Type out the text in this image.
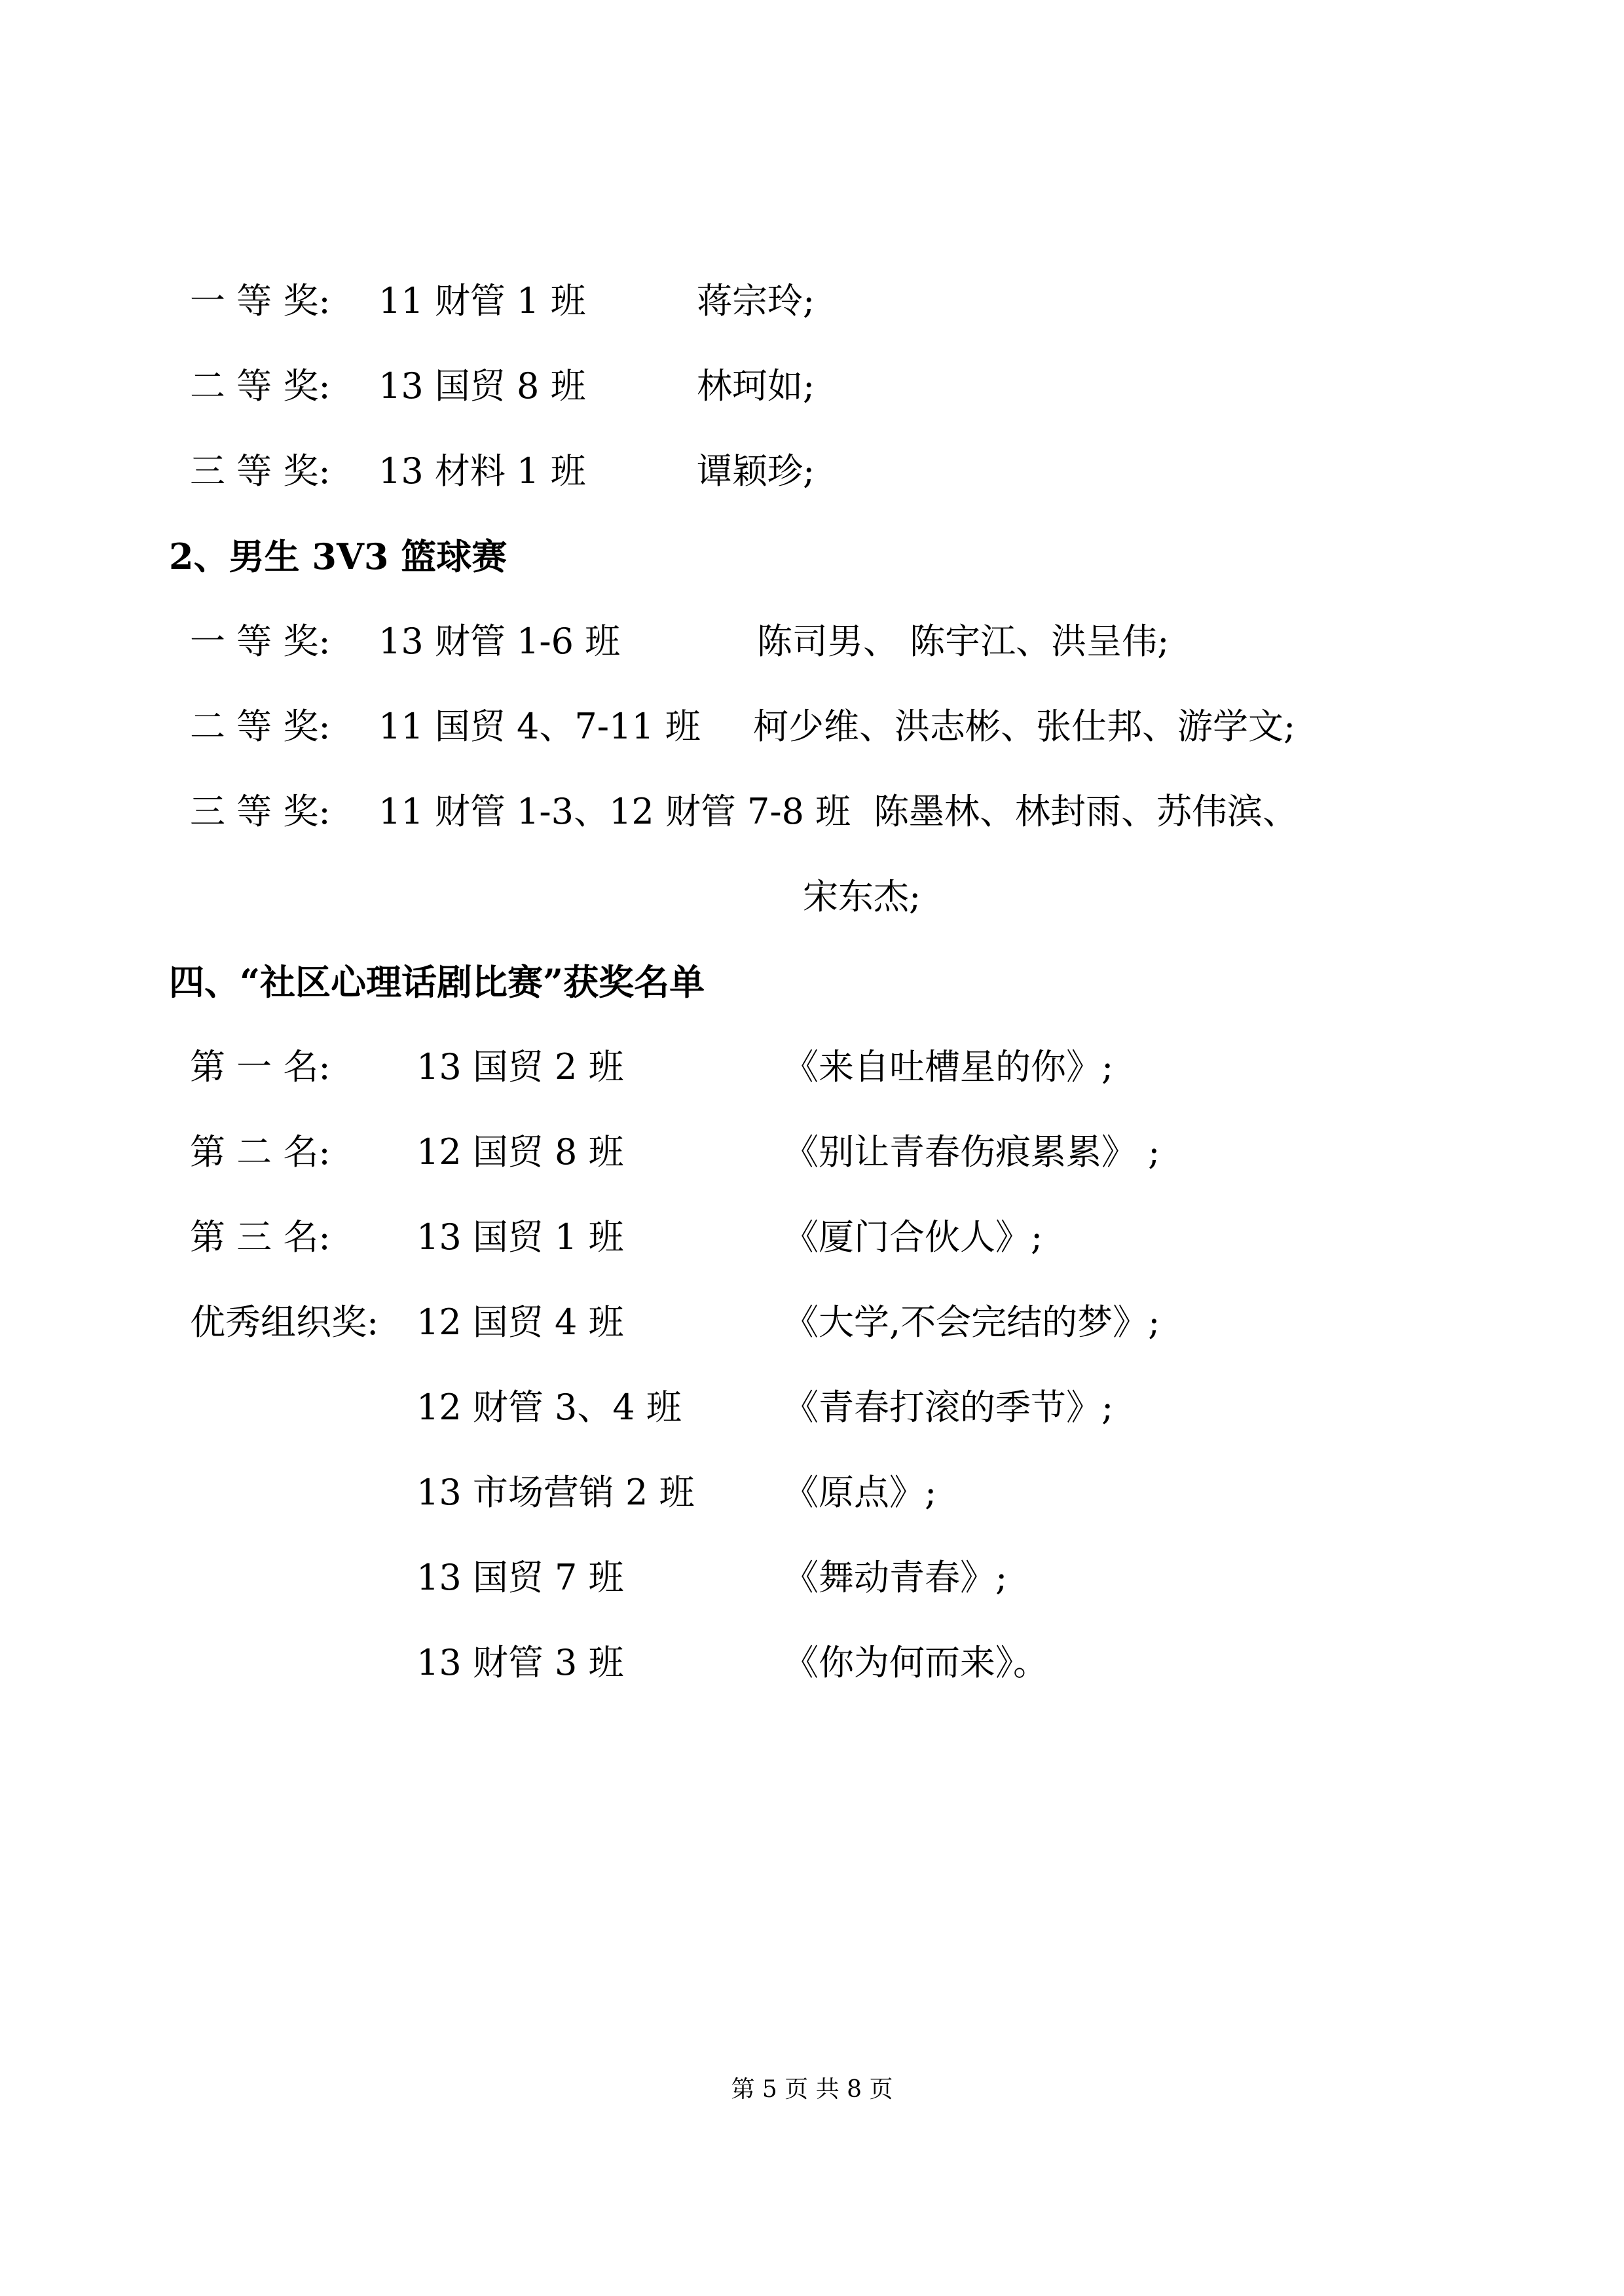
一 等 奖: 11 财管 1 班	蒋宗玲;
二 等 奖: 13 国贸 8 班	林珂如;
三 等 奖: 13 材料 1 班	谭颖珍;
2、男生 3V3 篮球赛
一 等 奖: 13 财管 1-6 班	陈司男、 陈宇江、洪呈伟;
二 等 奖: 11 国贸 4、7-11 班 柯少维、洪志彬、张仕邦、游学文;
三 等 奖: 11 财管 1-3、12 财管 7-8 班 陈墨林、林封雨、苏伟滨、
宋东杰;
四、“社区心理话剧比赛”获奖名单
第 一 名: 13 国贸 2 班	《来自吐槽星的你》;
第 二 名: 12 国贸 8 班	《别让青春伤痕累累》 ;
第 三 名: 13 国贸 1 班	《厦门合伙人》;
优秀组织奖: 12 国贸 4 班	《大学,不会完结的梦》;
12 财管 3、4 班	《青春打滚的季节》;
13 市场营销 2 班	《原点》;
13 国贸 7 班	《舞动青春》;
13 财管 3 班	《你为何而来》。
第 5 页 共 8 页
